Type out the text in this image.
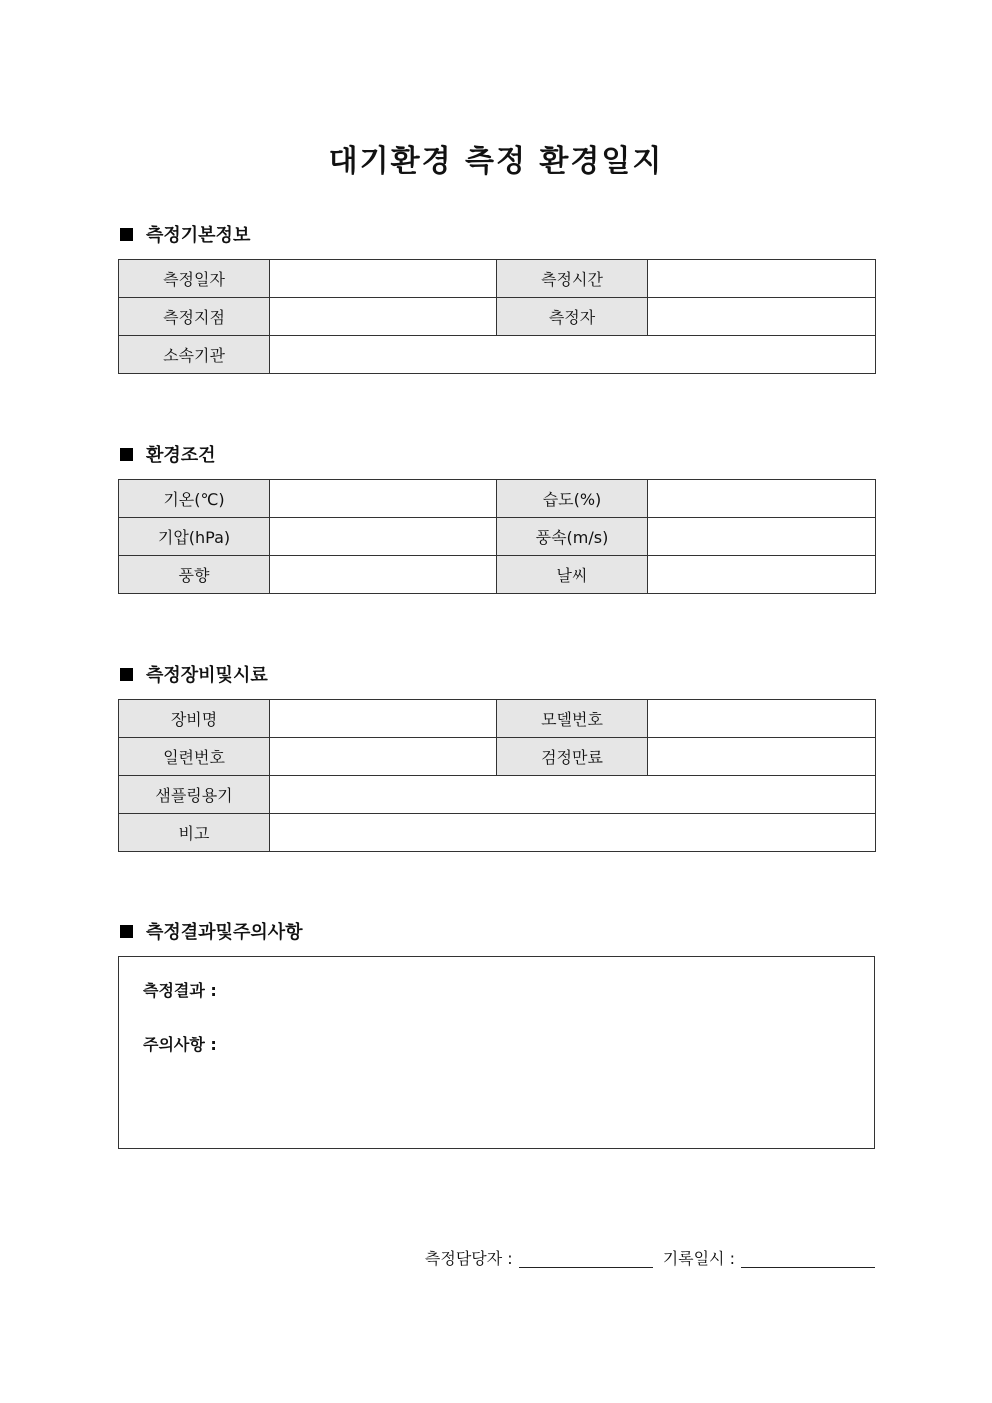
대기환경 측정 환경일지
측정기본정보
측정일자		측정시간	
측정지점		측정자	
소속기관			
환경조건
기온(℃)		습도(%)	
기압(hPa)		풍속(m/s)	
풍향		날씨	
측정장비및시료
장비명		모델번호	
일련번호		검정만료	
샘플링용기			
비고			
측정결과및주의사항
측정결과 :
주의사항 :
측정담당자 :	기록일시 :
